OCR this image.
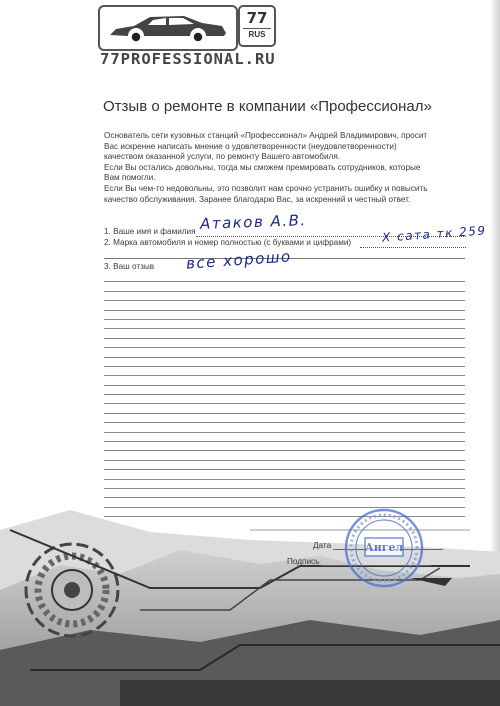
77
RUS
77PROFESSIONAL.RU
Отзыв о ремонте в компании «Профессионал»

Основатель сети кузовных станций «Профессионал» Андрей Владимирович, просит

Вас искренне написать мнение о удовлетворенности (неудовлетворенности)

качеством оказанной услуги, по ремонту Вашего автомобиля.

Если Вы остались довольны, тогда мы сможем премировать сотрудников, которые

Вам помогли.

Если Вы чем-то недовольны, это позволит нам срочно устранить ошибку и повысить

качество обслуживания. Заранее благодарю Вас, за искренний и честный ответ.

1. Ваше имя и фамилия Атаков А.В.
2. Марка автомобиля и номер полностью (с буквами и цифрами)	Х сата тк 259
3. Ваш отзыв все хорошо
Дата
Подпись
Ангел
